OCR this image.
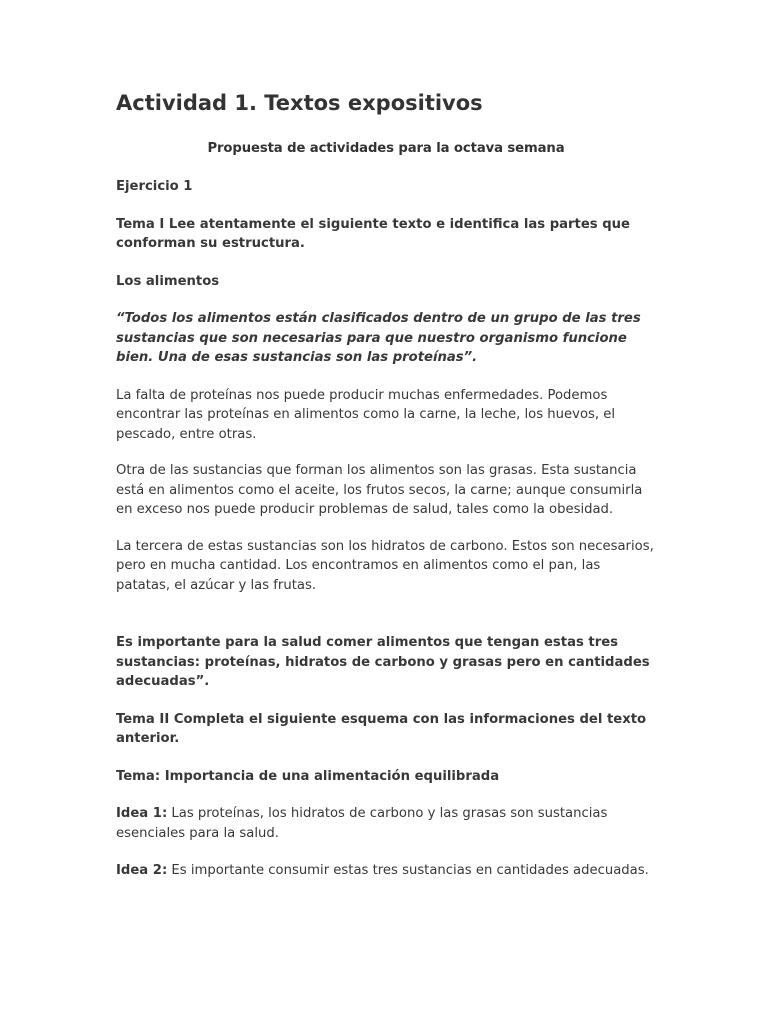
Actividad 1. Textos expositivos
Propuesta de actividades para la octava semana

Ejercicio 1

Tema I Lee atentamente el siguiente texto e identifica las partes que conforman su estructura.

Los alimentos

“Todos los alimentos están clasificados dentro de un grupo de las tres sustancias que son necesarias para que nuestro organismo funcione bien. Una de esas sustancias son las proteínas”.

La falta de proteínas nos puede producir muchas enfermedades. Podemos encontrar las proteínas en alimentos como la carne, la leche, los huevos, el pescado, entre otras.

Otra de las sustancias que forman los alimentos son las grasas. Esta sustancia está en alimentos como el aceite, los frutos secos, la carne; aunque consumirla en exceso nos puede producir problemas de salud, tales como la obesidad.

La tercera de estas sustancias son los hidratos de carbono. Estos son necesarios, pero en mucha cantidad. Los encontramos en alimentos como el pan, las patatas, el azúcar y las frutas.

Es importante para la salud comer alimentos que tengan estas tres sustancias: proteínas, hidratos de carbono y grasas pero en cantidades adecuadas”.

Tema II Completa el siguiente esquema con las informaciones del texto anterior.

Tema: Importancia de una alimentación equilibrada

Idea 1: Las proteínas, los hidratos de carbono y las grasas son sustancias esenciales para la salud.

Idea 2: Es importante consumir estas tres sustancias en cantidades adecuadas.
